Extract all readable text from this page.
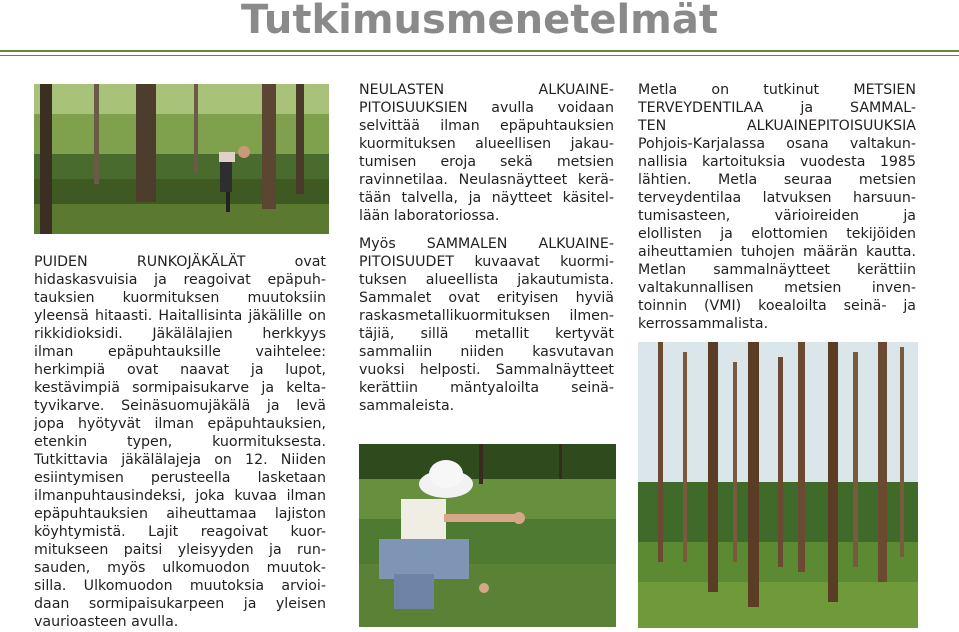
Tutkimusmenetelmät

PUIDEN RUNKOJÄKÄLÄT ovat
hidaskasvuisia ja reagoivat epäpuh-
tauksien kuormituksen muutoksiin
yleensä hitaasti. Haitallisinta jäkälille on
rikkidioksidi. Jäkälälajien herkkyys
ilman epäpuhtauksille vaihtelee:
herkimpiä ovat naavat ja lupot,
kestävimpiä sormipaisukarve ja kelta-
tyvikarve. Seinäsuomujäkälä ja levä
jopa hyötyvät ilman epäpuhtauksien,
etenkin typen, kuormituksesta.
Tutkittavia jäkälälajeja on 12. Niiden
esiintymisen perusteella lasketaan
ilmanpuhtausindeksi, joka kuvaa ilman
epäpuhtauksien aiheuttamaa lajiston
köyhtymistä. Lajit reagoivat kuor-
mitukseen paitsi yleisyyden ja run-
sauden, myös ulkomuodon muutok-
silla. Ulkomuodon muutoksia arvioi-
daan sormipaisukarpeen ja yleisen
vaurioasteen avulla.

NEULASTEN ALKUAINE-
PITOISUUKSIEN avulla voidaan
selvittää ilman epäpuhtauksien
kuormituksen alueellisen jakau-
tumisen eroja sekä metsien
ravinnetilaa. Neulasnäytteet kerä-
tään talvella, ja näytteet käsitel-
lään laboratoriossa.

Myös SAMMALEN ALKUAINE-
PITOISUUDET kuvaavat kuormi-
tuksen alueellista jakautumista.
Sammalet ovat erityisen hyviä
raskasmetallikuormituksen ilmen-
täjiä, sillä metallit kertyvät
sammaliin niiden kasvutavan
vuoksi helposti. Sammalnäytteet
kerättiin mäntyaloilta seinä-
sammaleista.

Metla on tutkinut METSIEN
TERVEYDENTILAA ja SAMMAL-
TEN ALKUAINEPITOISUUKSIA
Pohjois-Karjalassa osana valtakun-
nallisia kartoituksia vuodesta 1985
lähtien. Metla seuraa metsien
terveydentilaa latvuksen harsuun-
tumisasteen, värioireiden ja
elollisten ja elottomien tekijöiden
aiheuttamien tuhojen määrän kautta.
Metlan sammalnäytteet kerättiin
valtakunnallisen metsien inven-
toinnin (VMI) koealoilta seinä- ja
kerrossammalista.
